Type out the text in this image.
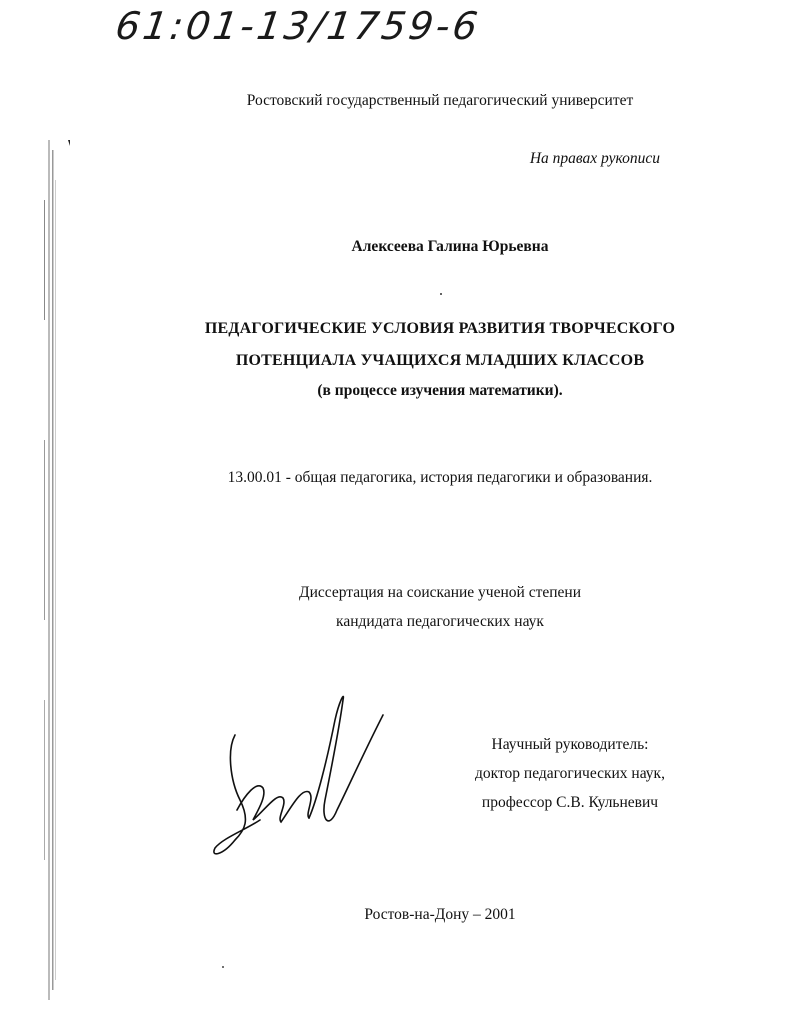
61:01-13/1759-6
Ростовский государственный педагогический университет
На правах рукописи
Алексеева Галина Юрьевна
ПЕДАГОГИЧЕСКИЕ УСЛОВИЯ РАЗВИТИЯ ТВОРЧЕСКОГО
ПОТЕНЦИАЛА УЧАЩИХСЯ МЛАДШИХ КЛАССОВ
(в процессе изучения математики).
13.00.01 - общая педагогика, история педагогики и образования.
Диссертация на соискание ученой степени
кандидата педагогических наук
Научный руководитель:
доктор педагогических наук,
профессор С.В. Кульневич
Ростов-на-Дону – 2001
